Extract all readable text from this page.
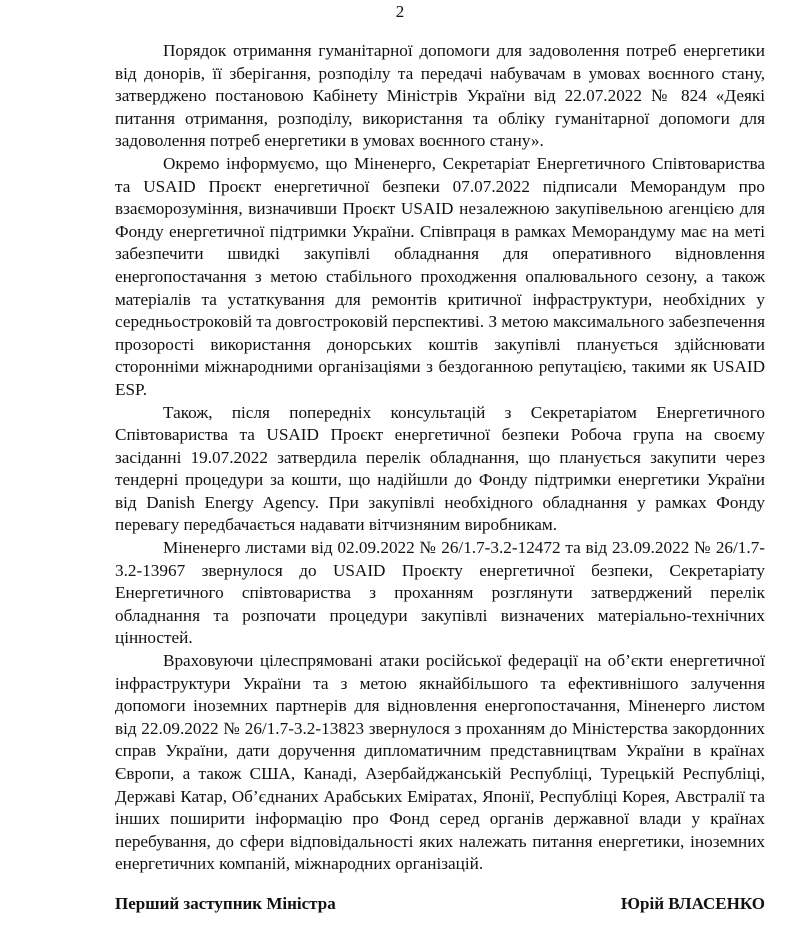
2

Порядок отримання гуманітарної допомоги для задоволення потреб енергетики від донорів, її зберігання, розподілу та передачі набувачам в умовах воєнного стану, затверджено постановою Кабінету Міністрів України від 22.07.2022 № 824 «Деякі питання отримання, розподілу, використання та обліку гуманітарної допомоги для задоволення потреб енергетики в умовах воєнного стану».

Окремо інформуємо, що Міненерго, Секретаріат Енергетичного Співтовариства та USAID Проєкт енергетичної безпеки 07.07.2022 підписали Меморандум про взаєморозуміння, визначивши Проєкт USAID незалежною закупівельною агенцією для Фонду енергетичної підтримки України. Співпраця в рамках Меморандуму має на меті забезпечити швидкі закупівлі обладнання для оперативного відновлення енергопостачання з метою стабільного проходження опалювального сезону, а також матеріалів та устаткування для ремонтів критичної інфраструктури, необхідних у середньостроковій та довгостроковій перспективі. З метою максимального забезпечення прозорості використання донорських коштів закупівлі планується здійснювати сторонніми міжнародними організаціями з бездоганною репутацією, такими як USAID ESP.

Також, після попередніх консультацій з Секретаріатом Енергетичного Співтовариства та USAID Проєкт енергетичної безпеки Робоча група на своєму засіданні 19.07.2022 затвердила перелік обладнання, що планується закупити через тендерні процедури за кошти, що надійшли до Фонду підтримки енергетики України від Danish Energy Agency. При закупівлі необхідного обладнання у рамках Фонду перевагу передбачається надавати вітчизняним виробникам.

Міненерго листами від 02.09.2022 № 26/1.7-3.2-12472 та від 23.09.2022 № 26/1.7-3.2-13967 звернулося до USAID Проєкту енергетичної безпеки, Секретаріату Енергетичного співтовариства з проханням розглянути затверджений перелік обладнання та розпочати процедури закупівлі визначених матеріально-технічних цінностей.

Враховуючи цілеспрямовані атаки російської федерації на об’єкти енергетичної інфраструктури України та з метою якнайбільшого та ефективнішого залучення допомоги іноземних партнерів для відновлення енергопостачання, Міненерго листом від 22.09.2022 № 26/1.7-3.2-13823 звернулося з проханням до Міністерства закордонних справ України, дати доручення дипломатичним представництвам України в країнах Європи, а також США, Канаді, Азербайджанській Республіці, Турецькій Республіці, Державі Катар, Об’єднаних Арабських Еміратах, Японії, Республіці Корея, Австралії та інших поширити інформацію про Фонд серед органів державної влади у країнах перебування, до сфери відповідальності яких належать питання енергетики, іноземних енергетичних компаній, міжнародних організацій.

Перший заступник Міністра	Юрій ВЛАСЕНКО
